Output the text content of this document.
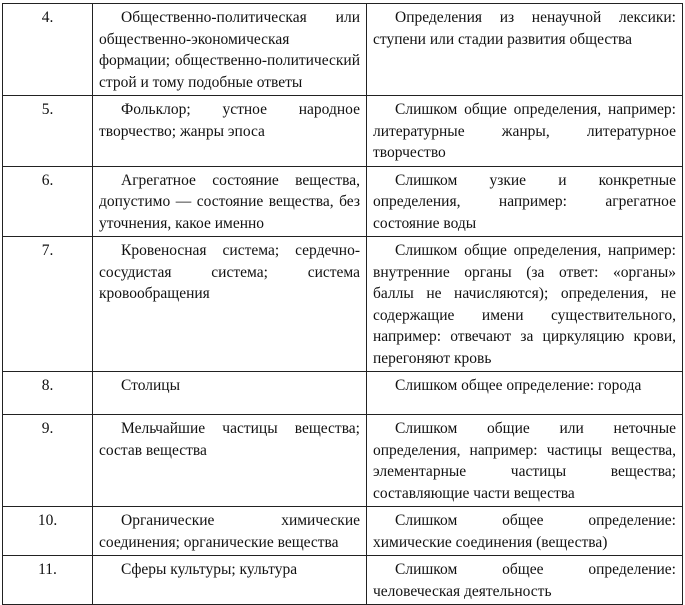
4.	Общественно-политическая или общественно-экономическая формации; общественно-политический строй и тому подобные ответы	Определения из ненаучной лексики: ступени или стадии развития общества

5.	Фольклор; устное народное творчество; жанры эпоса	Слишком общие определения, например: литературные жанры, литературное творчество

6.	Агрегатное состояние вещества, допустимо — состояние вещества, без уточнения, какое именно	Слишком узкие и конкретные определения, например: агрегатное состояние воды

7.	Кровеносная система; сердечно-сосудистая система; система кровообращения	Слишком общие определения, например: внутренние органы (за ответ: «органы» баллы не начисляются); определения, не содержащие имени существительного, например: отвечают за циркуляцию крови, перегоняют кровь

8.	Столицы	Слишком общее определение: города

9.	Мельчайшие частицы вещества; состав вещества	Слишком общие или неточные определения, например: частицы вещества, элементарные частицы вещества; составляющие части вещества

10.	Органические химические соединения; органические вещества	Слишком общее определение: химические соединения (вещества)

11.	Сферы культуры; культура	Слишком общее определение: человеческая деятельность
